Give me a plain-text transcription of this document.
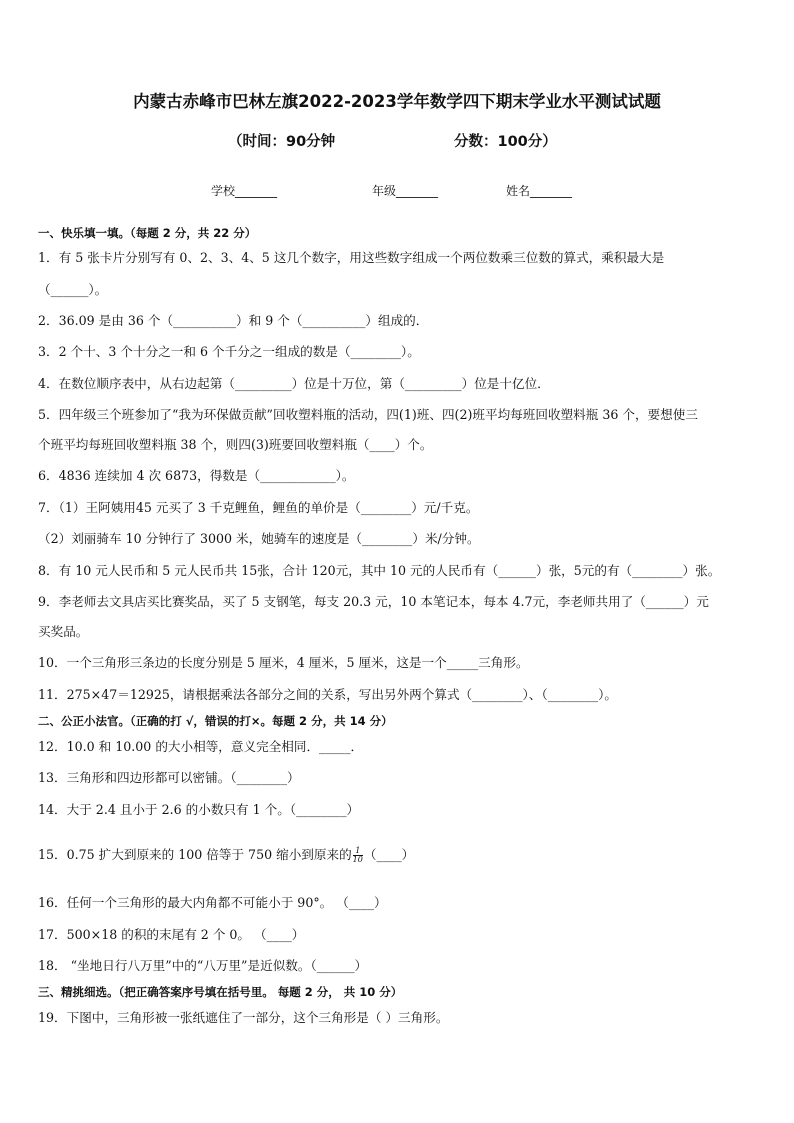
内蒙古赤峰市巴林左旗2022-2023学年数学四下期末学业水平测试试题
（时间：90分钟	分数：100分）
学校_______	年级_______	姓名_______
一、快乐填一填。（每题 2 分，共 22 分）
1．有 5 张卡片分别写有 0、2、3、4、5 这几个数字，用这些数字组成一个两位数乘三位数的算式，乘积最大是
（______）。
2．36.09 是由 36 个（__________）和 9 个（__________）组成的．
3．2 个十、3 个十分之一和 6 个千分之一组成的数是（________）。
4．在数位顺序表中，从右边起第（_________）位是十万位，第（_________）位是十亿位．
5．四年级三个班参加了“我为环保做贡献”回收塑料瓶的活动，四(1)班、四(2)班平均每班回收塑料瓶 36 个，要想使三
个班平均每班回收塑料瓶 38 个，则四(3)班要回收塑料瓶（____）个。
6．4836 连续加 4 次 6873，得数是（____________）。
7．（1）王阿姨用45 元买了 3 千克鲤鱼，鲤鱼的单价是（________）元/千克。
（2）刘丽骑车 10 分钟行了 3000 米，她骑车的速度是（________）米/分钟。
8．有 10 元人民币和 5 元人民币共 15张，合计 120元，其中 10 元的人民币有（______）张，5元的有（________）张。
9．李老师去文具店买比赛奖品，买了 5 支钢笔，每支 20.3 元，10 本笔记本，每本 4.7元，李老师共用了（______）元
买奖品。
10．一个三角形三条边的长度分别是 5 厘米，4 厘米，5 厘米，这是一个_____三角形。
11．275×47＝12925，请根据乘法各部分之间的关系，写出另外两个算式（________）、（________）。
二、公正小法官。（正确的打 √，错误的打×。每题 2 分，共 14 分）
12．10.0 和 10.00 的大小相等，意义完全相同．_____．
13．三角形和四边形都可以密铺。（________）
14．大于 2.4 且小于 2.6 的小数只有 1 个。（________）
15．0.75 扩大到原来的 100 倍等于 750 缩小到原来的 $\frac{1}{10}$ （____）
16．任何一个三角形的最大内角都不可能小于 90°。 （____）
17．500×18 的积的末尾有 2 个 0。 （____）
18． “坐地日行八万里”中的“八万里”是近似数。（______）
三、精挑细选。（把正确答案序号填在括号里。 每题 2 分， 共 10 分）
19．下图中，三角形被一张纸遮住了一部分，这个三角形是（ ）三角形。
